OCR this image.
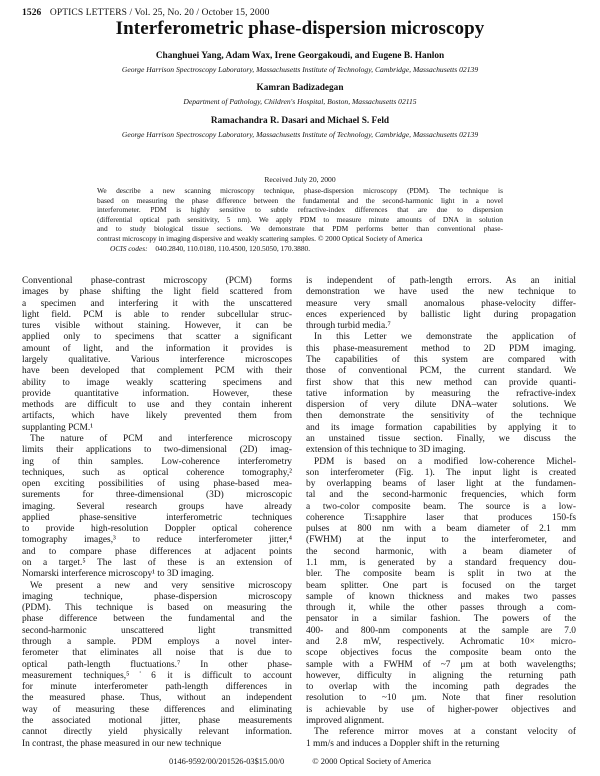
1526 OPTICS LETTERS / Vol. 25, No. 20 / October 15, 2000
Interferometric phase-dispersion microscopy
Changhuei Yang, Adam Wax, Irene Georgakoudi, and Eugene B. Hanlon
George Harrison Spectroscopy Laboratory, Massachusetts Institute of Technology, Cambridge, Massachusetts 02139
Kamran Badizadegan
Department of Pathology, Children's Hospital, Boston, Massachusetts 02115
Ramachandra R. Dasari and Michael S. Feld
George Harrison Spectroscopy Laboratory, Massachusetts Institute of Technology, Cambridge, Massachusetts 02139
Received July 20, 2000
We describe a new scanning microscopy technique, phase-dispersion microscopy (PDM). The technique is
based on measuring the phase difference between the fundamental and the second-harmonic light in a novel
interferometer. PDM is highly sensitive to subtle refractive-index differences that are due to dispersion
(differential optical path sensitivity, 5 nm). We apply PDM to measure minute amounts of DNA in solution
and to study biological tissue sections. We demonstrate that PDM performs better than conventional phase-
contrast microscopy in imaging dispersive and weakly scattering samples. © 2000 Optical Society of America
OCIS codes: 040.2840, 110.0180, 110.4500, 120.5050, 170.3880.
Conventional phase-contrast microscopy (PCM) forms
images by phase shifting the light field scattered from
a specimen and interfering it with the unscattered
light field. PCM is able to render subcellular struc-
tures visible without staining. However, it can be
applied only to specimens that scatter a significant
amount of light, and the information it provides is
largely qualitative. Various interference microscopes
have been developed that complement PCM with their
ability to image weakly scattering specimens and
provide quantitative information. However, these
methods are difficult to use and they contain inherent
artifacts, which have likely prevented them from
supplanting PCM.¹
The nature of PCM and interference microscopy
limits their applications to two-dimensional (2D) imag-
ing of thin samples. Low-coherence interferometry
techniques, such as optical coherence tomography,²
open exciting possibilities of using phase-based mea-
surements for three-dimensional (3D) microscopic
imaging. Several research groups have already
applied phase-sensitive interferometric techniques
to provide high-resolution Doppler optical coherence
tomography images,³ to reduce interferometer jitter,⁴
and to compare phase differences at adjacent points
on a target.⁵ The last of these is an extension of
Nomarski interference microscopy¹ to 3D imaging.
We present a new and very sensitive microscopy
imaging technique, phase-dispersion microscopy
(PDM). This technique is based on measuring the
phase difference between the fundamental and the
second-harmonic unscattered light transmitted
through a sample. PDM employs a novel inter-
ferometer that eliminates all noise that is due to
optical path-length fluctuations.⁷ In other phase-
measurement techniques,⁵˙6 it is difficult to account
for minute interferometer path-length differences in
the measured phase. Thus, without an independent
way of measuring these differences and eliminating
the associated motional jitter, phase measurements
cannot directly yield physically relevant information.
In contrast, the phase measured in our new technique
is independent of path-length errors. As an initial
demonstration we have used the new technique to
measure very small anomalous phase-velocity differ-
ences experienced by ballistic light during propagation
through turbid media.⁷
In this Letter we demonstrate the application of
this phase-measurement method to 2D PDM imaging.
The capabilities of this system are compared with
those of conventional PCM, the current standard. We
first show that this new method can provide quanti-
tative information by measuring the refractive-index
dispersion of very dilute DNA–water solutions. We
then demonstrate the sensitivity of the technique
and its image formation capabilities by applying it to
an unstained tissue section. Finally, we discuss the
extension of this technique to 3D imaging.
PDM is based on a modified low-coherence Michel-
son interferometer (Fig. 1). The input light is created
by overlapping beams of laser light at the fundamen-
tal and the second-harmonic frequencies, which form
a two-color composite beam. The source is a low-
coherence Ti:sapphire laser that produces 150-fs
pulses at 800 nm with a beam diameter of 2.1 mm
(FWHM) at the input to the interferometer, and
the second harmonic, with a beam diameter of
1.1 mm, is generated by a standard frequency dou-
bler. The composite beam is split in two at the
beam splitter. One part is focused on the target
sample of known thickness and makes two passes
through it, while the other passes through a com-
pensator in a similar fashion. The powers of the
400- and 800-nm components at the sample are 7.0
and 2.8 mW, respectively. Achromatic 10× micro-
scope objectives focus the composite beam onto the
sample with a FWHM of ~7 μm at both wavelengths;
however, difficulty in aligning the returning path
to overlap with the incoming path degrades the
resolution to ~10 μm. Note that finer resolution
is achievable by use of higher-power objectives and
improved alignment.
The reference mirror moves at a constant velocity of
1 mm/s and induces a Doppler shift in the returning
0146-9592/00/201526-03$15.00/0	© 2000 Optical Society of America
